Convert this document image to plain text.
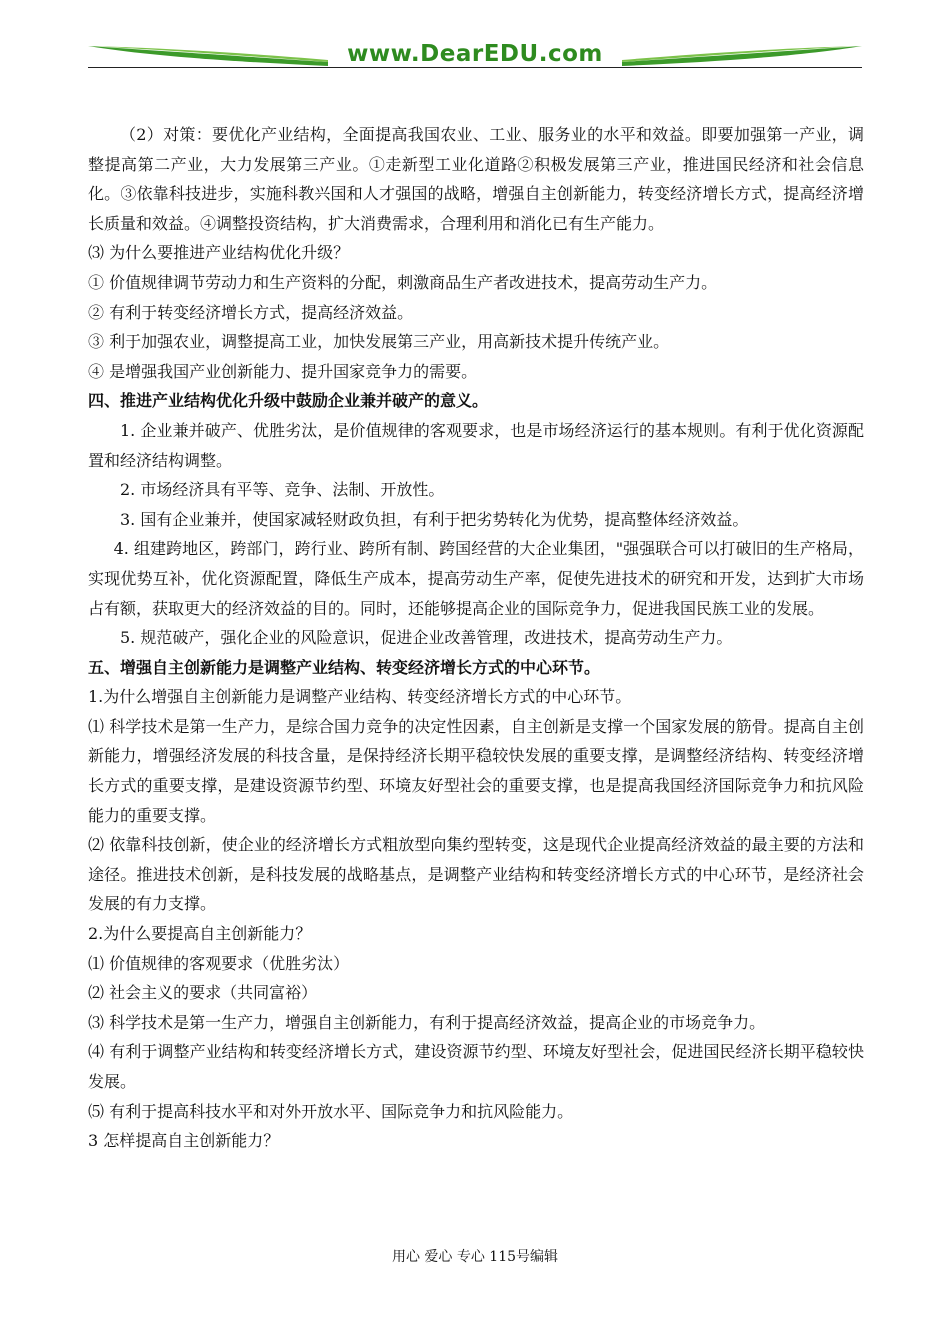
www.DearEDU.com

（2）对策：要优化产业结构，全面提高我国农业、工业、服务业的水平和效益。即要加强第一产业，调整提高第二产业，大力发展第三产业。①走新型工业化道路②积极发展第三产业，推进国民经济和社会信息化。③依靠科技进步，实施科教兴国和人才强国的战略，增强自主创新能力，转变经济增长方式，提高经济增长质量和效益。④调整投资结构，扩大消费需求，合理利用和消化已有生产能力。

⑶ 为什么要推进产业结构优化升级？

① 价值规律调节劳动力和生产资料的分配，刺激商品生产者改进技术，提高劳动生产力。

② 有利于转变经济增长方式，提高经济效益。

③ 利于加强农业，调整提高工业，加快发展第三产业，用高新技术提升传统产业。

④ 是增强我国产业创新能力、提升国家竞争力的需要。

四、推进产业结构优化升级中鼓励企业兼并破产的意义。

1. 企业兼并破产、优胜劣汰，是价值规律的客观要求，也是市场经济运行的基本规则。有利于优化资源配置和经济结构调整。

2. 市场经济具有平等、竞争、法制、开放性。

3. 国有企业兼并，使国家减轻财政负担，有利于把劣势转化为优势，提高整体经济效益。

4. 组建跨地区，跨部门，跨行业、跨所有制、跨国经营的大企业集团，"强强联合可以打破旧的生产格局，实现优势互补，优化资源配置，降低生产成本，提高劳动生产率，促使先进技术的研究和开发，达到扩大市场占有额，获取更大的经济效益的目的。同时，还能够提高企业的国际竞争力，促进我国民族工业的发展。

5. 规范破产，强化企业的风险意识，促进企业改善管理，改进技术，提高劳动生产力。

五、增强自主创新能力是调整产业结构、转变经济增长方式的中心环节。

1.为什么增强自主创新能力是调整产业结构、转变经济增长方式的中心环节。

⑴ 科学技术是第一生产力，是综合国力竞争的决定性因素，自主创新是支撑一个国家发展的筋骨。提高自主创新能力，增强经济发展的科技含量，是保持经济长期平稳较快发展的重要支撑，是调整经济结构、转变经济增长方式的重要支撑，是建设资源节约型、环境友好型社会的重要支撑，也是提高我国经济国际竞争力和抗风险能力的重要支撑。

⑵ 依靠科技创新，使企业的经济增长方式粗放型向集约型转变，这是现代企业提高经济效益的最主要的方法和途径。推进技术创新，是科技发展的战略基点，是调整产业结构和转变经济增长方式的中心环节，是经济社会发展的有力支撑。

2.为什么要提高自主创新能力？

⑴ 价值规律的客观要求（优胜劣汰）

⑵ 社会主义的要求（共同富裕）

⑶ 科学技术是第一生产力，增强自主创新能力，有利于提高经济效益，提高企业的市场竞争力。

⑷ 有利于调整产业结构和转变经济增长方式，建设资源节约型、环境友好型社会，促进国民经济长期平稳较快发展。

⑸ 有利于提高科技水平和对外开放水平、国际竞争力和抗风险能力。

3 怎样提高自主创新能力？

用心 爱心 专心 115号编辑
